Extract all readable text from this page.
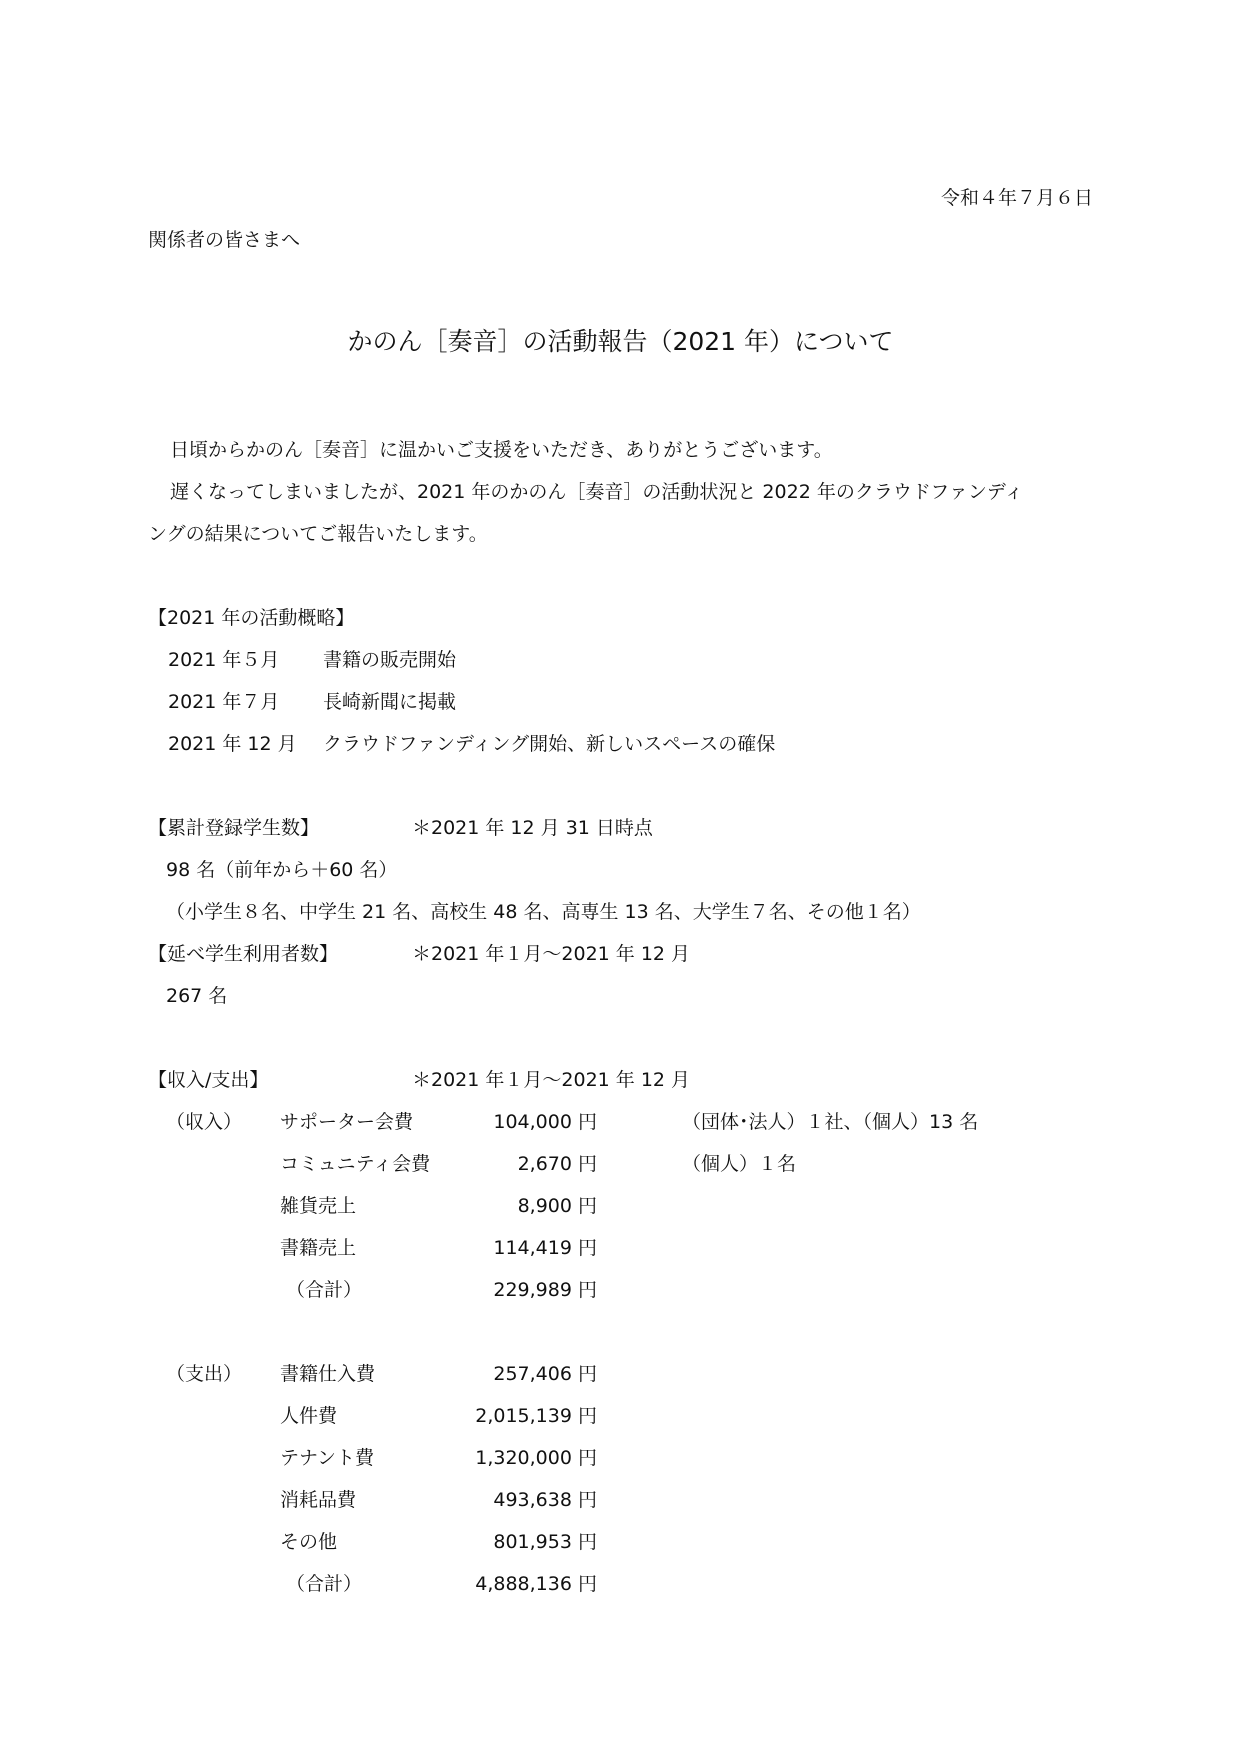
令和４年７月６日
関係者の皆さまへ
かのん［奏音］の活動報告（2021 年）について
日頃からかのん［奏音］に温かいご支援をいただき、ありがとうございます。
遅くなってしまいましたが、2021 年のかのん［奏音］の活動状況と 2022 年のクラウドファンディ
ングの結果についてご報告いたします。
【2021 年の活動概略】
2021 年５月 書籍の販売開始
2021 年７月 長崎新聞に掲載
2021 年 12 月 クラウドファンディング開始、新しいスペースの確保
【累計登録学生数】	＊2021 年 12 月 31 日時点
98 名（前年から＋60 名）
（小学生８名、中学生 21 名、高校生 48 名、高専生 13 名、大学生７名、その他１名）
【延べ学生利用者数】	＊2021 年１月～2021 年 12 月
267 名
【収入/支出】	＊2021 年１月～2021 年 12 月
（収入） サポーター会費	104,000 円	（団体･法人）１社、（個人）13 名
コミュニティ会費	2,670 円	（個人）１名
雑貨売上	8,900 円
書籍売上	114,419 円
（合計）	229,989 円
（支出） 書籍仕入費	257,406 円
人件費	2,015,139 円
テナント費	1,320,000 円
消耗品費	493,638 円
その他	801,953 円
（合計）	4,888,136 円
